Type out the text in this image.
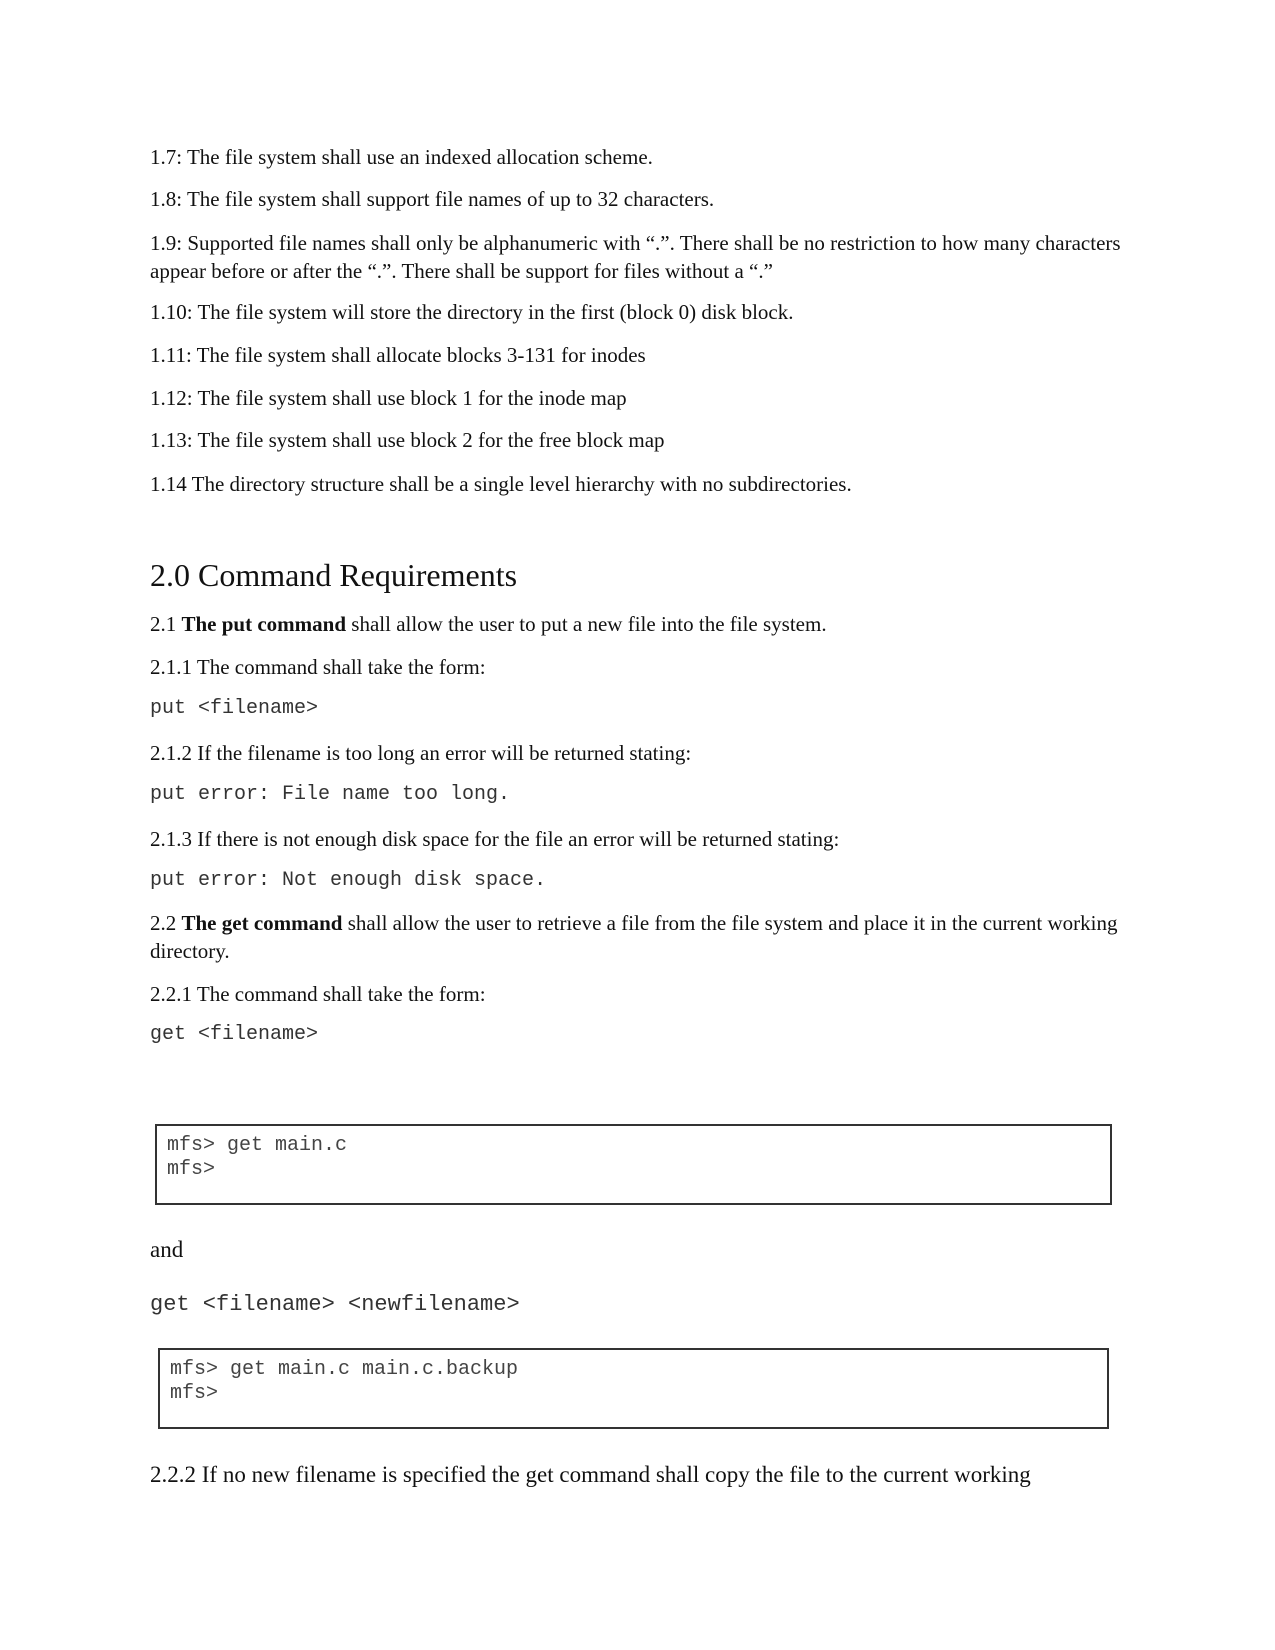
1.7: The file system shall use an indexed allocation scheme.

1.8: The file system shall support file names of up to 32 characters.

1.9: Supported file names shall only be alphanumeric with “.”. There shall be no restriction to how many characters appear before or after the “.”. There shall be support for files without a “.”

1.10: The file system will store the directory in the first (block 0) disk block.

1.11: The file system shall allocate blocks 3-131 for inodes

1.12: The file system shall use block 1 for the inode map

1.13: The file system shall use block 2 for the free block map

1.14 The directory structure shall be a single level hierarchy with no subdirectories.

2.0 Command Requirements

2.1 The put command shall allow the user to put a new file into the file system.

2.1.1 The command shall take the form:

put <filename>

2.1.2 If the filename is too long an error will be returned stating:

put error: File name too long.

2.1.3 If there is not enough disk space for the file an error will be returned stating:

put error: Not enough disk space.

2.2 The get command shall allow the user to retrieve a file from the file system and place it in the current working directory.

2.2.1 The command shall take the form:

get <filename>

mfs> get main.c
mfs>

and

get <filename> <newfilename>

mfs> get main.c main.c.backup
mfs>

2.2.2 If no new filename is specified the get command shall copy the file to the current working
